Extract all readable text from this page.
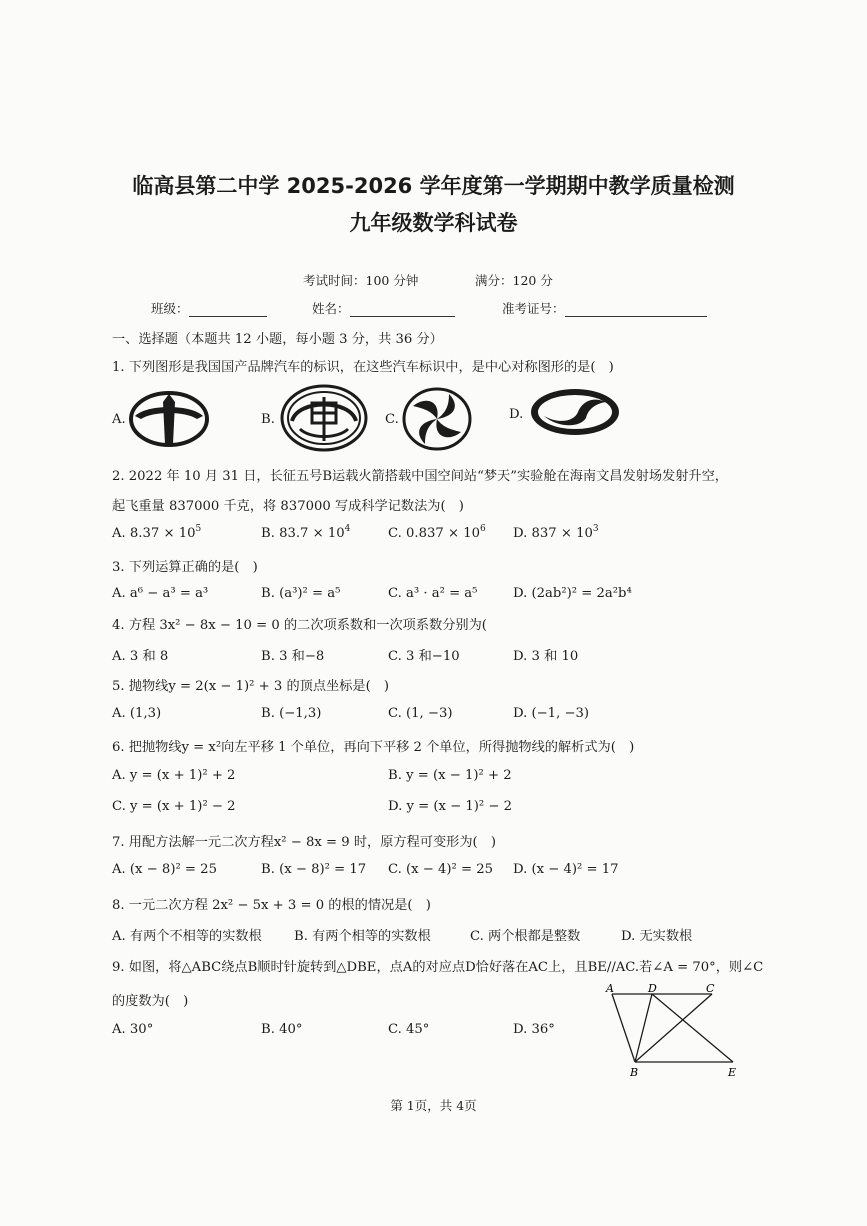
临高县第二中学 2025-2026 学年度第一学期期中教学质量检测
九年级数学科试卷
考试时间：100 分钟	满分：120 分
班级：	姓名：	准考证号：
一、选择题（本题共 12 小题，每小题 3 分，共 36 分）
1. 下列图形是我国国产品牌汽车的标识，在这些汽车标识中，是中心对称图形的是(　)
A.	B.	C.	D.
2. 2022 年 10 月 31 日，长征五号B运载火箭搭载中国空间站“梦天”实验舱在海南文昌发射场发射升空，
起飞重量 837000 千克，将 837000 写成科学记数法为(　)
A. $8.37 \times 10^5$	B. $83.7 \times 10^4$	C. $0.837 \times 10^6$ D. $837 \times 10^3$
3. 下列运算正确的是(　)
A. a⁶ − a³ = a³	B. (a³)² = a⁵	C. a³ · a² = a⁵	D. (2ab²)² = 2a²b⁴
4. 方程 3x² − 8x − 10 = 0 的二次项系数和一次项系数分别为(
A. 3 和 8	B. 3 和−8	C. 3 和−10	D. 3 和 10
5. 抛物线y = 2(x − 1)² + 3 的顶点坐标是(　)
A. (1,3)	B. (−1,3)	C. (1, −3)	D. (−1, −3)
6. 把抛物线y = x²向左平移 1 个单位，再向下平移 2 个单位，所得抛物线的解析式为(　)
A. y = (x + 1)² + 2	B. y = (x − 1)² + 2
C. y = (x + 1)² − 2	D. y = (x − 1)² − 2
7. 用配方法解一元二次方程x² − 8x = 9 时，原方程可变形为(　)
A. (x − 8)² = 25	B. (x − 8)² = 17 C. (x − 4)² = 25 D. (x − 4)² = 17
8. 一元二次方程 2x² − 5x + 3 = 0 的根的情况是(　)
A. 有两个不相等的实数根 B. 有两个相等的实数根	C. 两个根都是整数	D. 无实数根
9. 如图，将△ABC绕点B顺时针旋转到△DBE，点A的对应点D恰好落在AC上，且BE//AC.若∠A = 70°，则∠C
的度数为(　)
A. 30°	B. 40°	C. 45°	D. 36°
A	D	C
B	E
第 1页，共 4页
